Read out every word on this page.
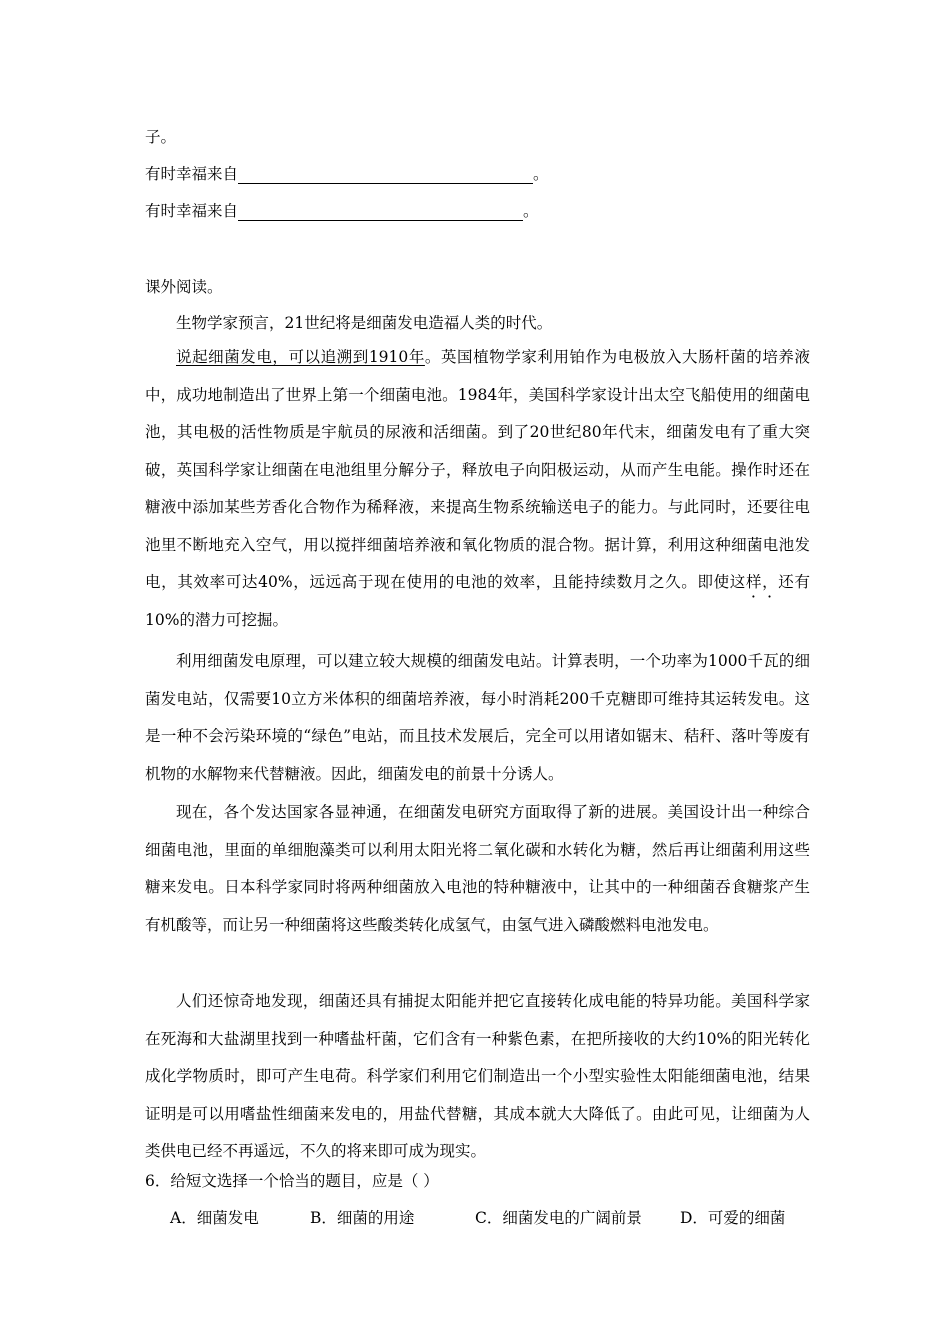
子。
有时幸福来自	。
有时幸福来自	。
课外阅读。
生物学家预言，21世纪将是细菌发电造福人类的时代。

说起细菌发电，可以追溯到1910年。英国植物学家利用铂作为电极放入大肠杆菌的培养液中，成功地制造出了世界上第一个细菌电池。1984年，美国科学家设计出太空飞船使用的细菌电池，其电极的活性物质是宇航员的尿液和活细菌。到了20世纪80年代末，细菌发电有了重大突破，英国科学家让细菌在电池组里分解分子，释放电子向阳极运动，从而产生电能。操作时还在糖液中添加某些芳香化合物作为稀释液，来提高生物系统输送电子的能力。与此同时，还要往电池里不断地充入空气，用以搅拌细菌培养液和氧化物质的混合物。据计算，利用这种细菌电池发电，其效率可达40%，远远高于现在使用的电池的效率，且能持续数月之久。即使这样，还有10%的潜力可挖掘。

利用细菌发电原理，可以建立较大规模的细菌发电站。计算表明，一个功率为1000千瓦的细菌发电站，仅需要10立方米体积的细菌培养液，每小时消耗200千克糖即可维持其运转发电。这是一种不会污染环境的“绿色”电站，而且技术发展后，完全可以用诸如锯末、秸秆、落叶等废有机物的水解物来代替糖液。因此，细菌发电的前景十分诱人。

现在，各个发达国家各显神通，在细菌发电研究方面取得了新的进展。美国设计出一种综合细菌电池，里面的单细胞藻类可以利用太阳光将二氧化碳和水转化为糖，然后再让细菌利用这些糖来发电。日本科学家同时将两种细菌放入电池的特种糖液中，让其中的一种细菌吞食糖浆产生有机酸等，而让另一种细菌将这些酸类转化成氢气，由氢气进入磷酸燃料电池发电。

人们还惊奇地发现，细菌还具有捕捉太阳能并把它直接转化成电能的特异功能。美国科学家在死海和大盐湖里找到一种嗜盐杆菌，它们含有一种紫色素，在把所接收的大约10%的阳光转化成化学物质时，即可产生电荷。科学家们利用它们制造出一个小型实验性太阳能细菌电池，结果证明是可以用嗜盐性细菌来发电的，用盐代替糖，其成本就大大降低了。由此可见，让细菌为人类供电已经不再遥远，不久的将来即可成为现实。

6．给短文选择一个恰当的题目，应是（ ）
A．细菌发电	B．细菌的用途	C．细菌发电的广阔前景 D．可爱的细菌
